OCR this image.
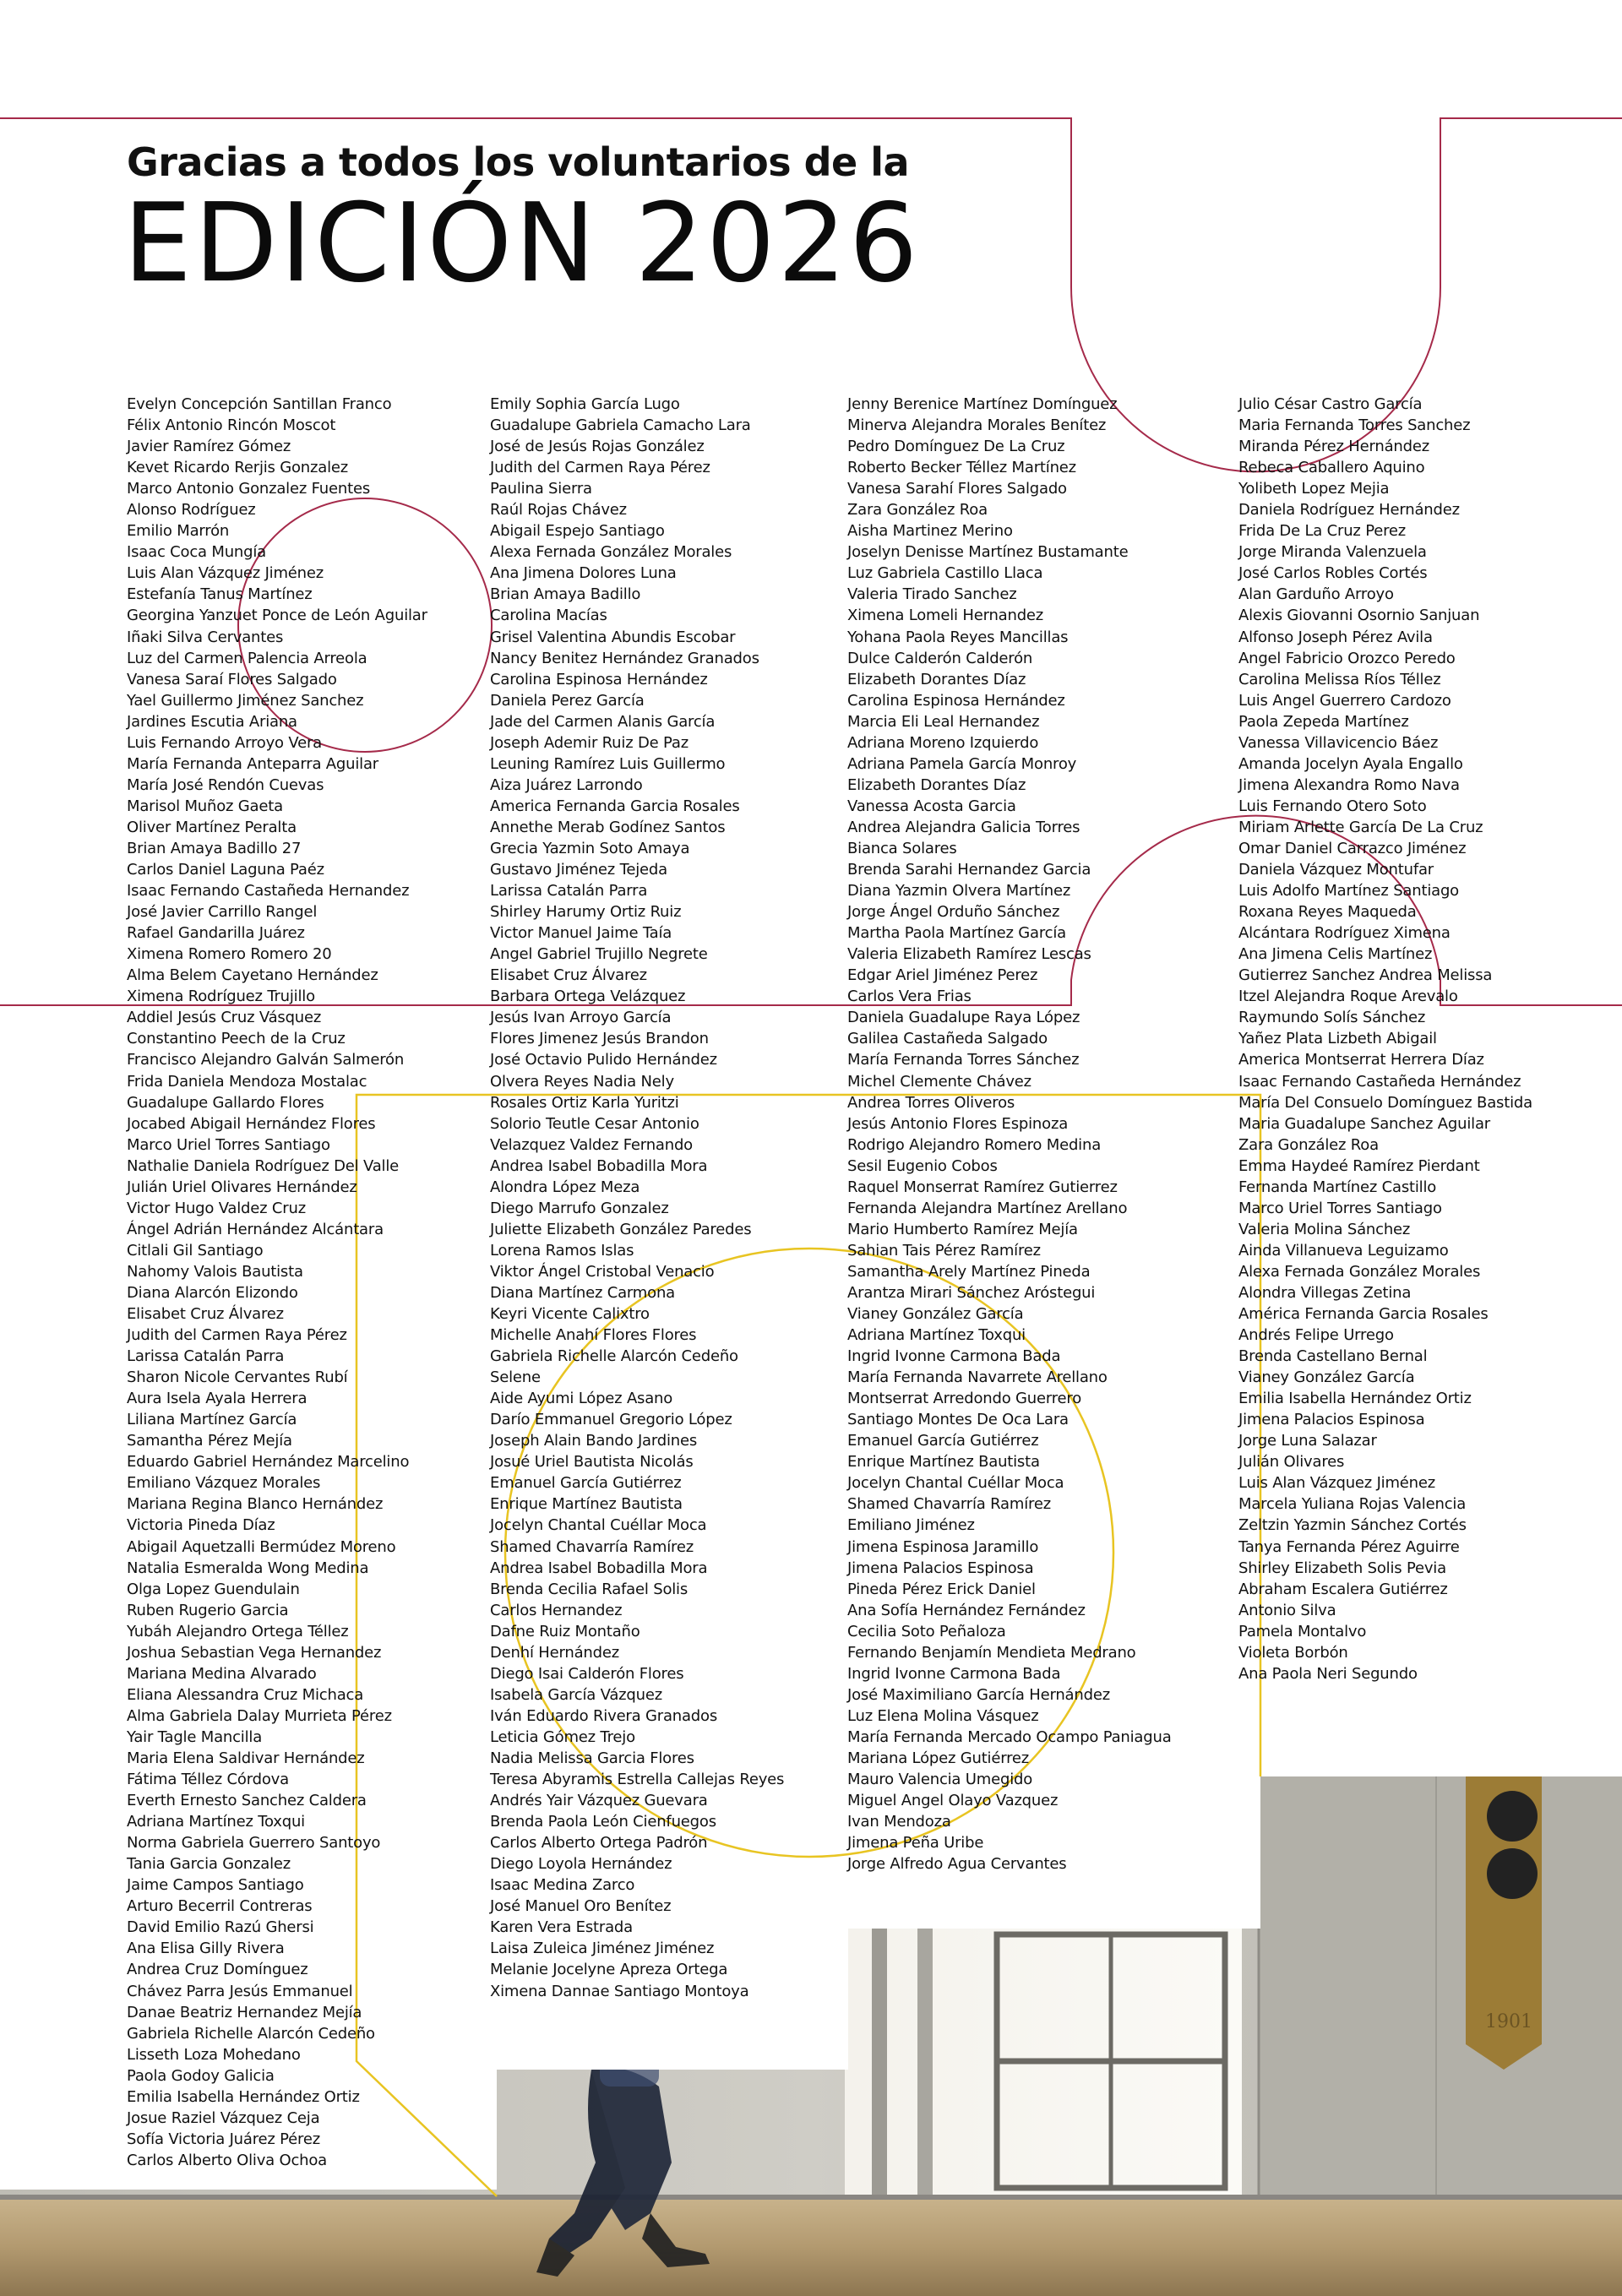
1901
Gracias a todos los voluntarios de la
EDICIÓN 2026
Evelyn Concepción Santillan Franco
Félix Antonio Rincón Moscot
Javier Ramírez Gómez
Kevet Ricardo Rerjis Gonzalez
Marco Antonio Gonzalez Fuentes
Alonso Rodríguez
Emilio Marrón
Isaac Coca Mungía
Luis Alan Vázquez Jiménez
Estefanía Tanus Martínez
Georgina Yanzuet Ponce de León Aguilar
Iñaki Silva Cervantes
Luz del Carmen Palencia Arreola
Vanesa Saraí Flores Salgado
Yael Guillermo Jiménez Sanchez
Jardines Escutia Ariana
Luis Fernando Arroyo Vera
María Fernanda Anteparra Aguilar
María José Rendón Cuevas
Marisol Muñoz Gaeta
Oliver Martínez Peralta
Brian Amaya Badillo 27
Carlos Daniel Laguna Paéz
Isaac Fernando Castañeda Hernandez
José Javier Carrillo Rangel
Rafael Gandarilla Juárez
Ximena Romero Romero 20
Alma Belem Cayetano Hernández
Ximena Rodríguez Trujillo
Addiel Jesús Cruz Vásquez
Constantino Peech de la Cruz
Francisco Alejandro Galván Salmerón
Frida Daniela Mendoza Mostalac
Guadalupe Gallardo Flores
Jocabed Abigail Hernández Flores
Marco Uriel Torres Santiago
Nathalie Daniela Rodríguez Del Valle
Julián Uriel Olivares Hernández
Victor Hugo Valdez Cruz
Ángel Adrián Hernández Alcántara
Citlali Gil Santiago
Nahomy Valois Bautista
Diana Alarcón Elizondo
Elisabet Cruz Álvarez
Judith del Carmen Raya Pérez
Larissa Catalán Parra
Sharon Nicole Cervantes Rubí
Aura Isela Ayala Herrera
Liliana Martínez García
Samantha Pérez Mejía
Eduardo Gabriel Hernández Marcelino
Emiliano Vázquez Morales
Mariana Regina Blanco Hernández
Victoria Pineda Díaz
Abigail Aquetzalli Bermúdez Moreno
Natalia Esmeralda Wong Medina
Olga Lopez Guendulain
Ruben Rugerio Garcia
Yubáh Alejandro Ortega Téllez
Joshua Sebastian Vega Hernandez
Mariana Medina Alvarado
Eliana Alessandra Cruz Michaca
Alma Gabriela Dalay Murrieta Pérez
Yair Tagle Mancilla
Maria Elena Saldivar Hernández
Fátima Téllez Córdova
Everth Ernesto Sanchez Caldera
Adriana Martínez Toxqui
Norma Gabriela Guerrero Santoyo
Tania Garcia Gonzalez
Jaime Campos Santiago
Arturo Becerril Contreras
David Emilio Razú Ghersi
Ana Elisa Gilly Rivera
Andrea Cruz Domínguez
Chávez Parra Jesús Emmanuel
Danae Beatriz Hernandez Mejía
Gabriela Richelle Alarcón Cedeño
Lisseth Loza Mohedano
Paola Godoy Galicia
Emilia Isabella Hernández Ortiz
Josue Raziel Vázquez Ceja
Sofía Victoria Juárez Pérez
Carlos Alberto Oliva Ochoa
Emily Sophia García Lugo
Guadalupe Gabriela Camacho Lara
José de Jesús Rojas González
Judith del Carmen Raya Pérez
Paulina Sierra
Raúl Rojas Chávez
Abigail Espejo Santiago
Alexa Fernada González Morales
Ana Jimena Dolores Luna
Brian Amaya Badillo
Carolina Macías
Grisel Valentina Abundis Escobar
Nancy Benitez Hernández Granados
Carolina Espinosa Hernández
Daniela Perez García
Jade del Carmen Alanis García
Joseph Ademir Ruiz De Paz
Leuning Ramírez Luis Guillermo
Aiza Juárez Larrondo
America Fernanda Garcia Rosales
Annethe Merab Godínez Santos
Grecia Yazmin Soto Amaya
Gustavo Jiménez Tejeda
Larissa Catalán Parra
Shirley Harumy Ortiz Ruiz
Victor Manuel Jaime Taía
Angel Gabriel Trujillo Negrete
Elisabet Cruz Álvarez
Barbara Ortega Velázquez
Jesús Ivan Arroyo García
Flores Jimenez Jesús Brandon
José Octavio Pulido Hernández
Olvera Reyes Nadia Nely
Rosales Ortiz Karla Yuritzi
Solorio Teutle Cesar Antonio
Velazquez Valdez Fernando
Andrea Isabel Bobadilla Mora
Alondra López Meza
Diego Marrufo Gonzalez
Juliette Elizabeth González Paredes
Lorena Ramos Islas
Viktor Ángel Cristobal Venacio
Diana Martínez Carmona
Keyri Vicente Calixtro
Michelle Anahí Flores Flores
Gabriela Richelle Alarcón Cedeño
Selene
Aide Ayumi López Asano
Darío Emmanuel Gregorio López
Joseph Alain Bando Jardines
Josué Uriel Bautista Nicolás
Emanuel García Gutiérrez
Enrique Martínez Bautista
Jocelyn Chantal Cuéllar Moca
Shamed Chavarría Ramírez
Andrea Isabel Bobadilla Mora
Brenda Cecilia Rafael Solis
Carlos Hernandez
Dafne Ruiz Montaño
Denhí Hernández
Diego Isai Calderón Flores
Isabela García Vázquez
Iván Eduardo Rivera Granados
Leticia Gómez Trejo
Nadia Melissa Garcia Flores
Teresa Abyramis Estrella Callejas Reyes
Andrés Yair Vázquez Guevara
Brenda Paola León Cienfuegos
Carlos Alberto Ortega Padrón
Diego Loyola Hernández
Isaac Medina Zarco
José Manuel Oro Benítez
Karen Vera Estrada
Laisa Zuleica Jiménez Jiménez
Melanie Jocelyne Apreza Ortega
Ximena Dannae Santiago Montoya
Jenny Berenice Martínez Domínguez
Minerva Alejandra Morales Benítez
Pedro Domínguez De La Cruz
Roberto Becker Téllez Martínez
Vanesa Sarahí Flores Salgado
Zara González Roa
Aisha Martinez Merino
Joselyn Denisse Martínez Bustamante
Luz Gabriela Castillo Llaca
Valeria Tirado Sanchez
Ximena Lomeli Hernandez
Yohana Paola Reyes Mancillas
Dulce Calderón Calderón
Elizabeth Dorantes Díaz
Carolina Espinosa Hernández
Marcia Eli Leal Hernandez
Adriana Moreno Izquierdo
Adriana Pamela García Monroy
Elizabeth Dorantes Díaz
Vanessa Acosta Garcia
Andrea Alejandra Galicia Torres
Bianca Solares
Brenda Sarahi Hernandez Garcia
Diana Yazmin Olvera Martínez
Jorge Ángel Orduño Sánchez
Martha Paola Martínez García
Valeria Elizabeth Ramírez Lescas
Edgar Ariel Jiménez Perez
Carlos Vera Frias
Daniela Guadalupe Raya López
Galilea Castañeda Salgado
María Fernanda Torres Sánchez
Michel Clemente Chávez
Andrea Torres Oliveros
Jesús Antonio Flores Espinoza
Rodrigo Alejandro Romero Medina
Sesil Eugenio Cobos
Raquel Monserrat Ramírez Gutierrez
Fernanda Alejandra Martínez Arellano
Mario Humberto Ramírez Mejía
Sahian Tais Pérez Ramírez
Samantha Arely Martínez Pineda
Arantza Mirari Sánchez Aróstegui
Vianey González García
Adriana Martínez Toxqui
Ingrid Ivonne Carmona Bada
María Fernanda Navarrete Arellano
Montserrat Arredondo Guerrero
Santiago Montes De Oca Lara
Emanuel García Gutiérrez
Enrique Martínez Bautista
Jocelyn Chantal Cuéllar Moca
Shamed Chavarría Ramírez
Emiliano Jiménez
Jimena Espinosa Jaramillo
Jimena Palacios Espinosa
Pineda Pérez Erick Daniel
Ana Sofía Hernández Fernández
Cecilia Soto Peñaloza
Fernando Benjamín Mendieta Medrano
Ingrid Ivonne Carmona Bada
José Maximiliano García Hernández
Luz Elena Molina Vásquez
María Fernanda Mercado Ocampo Paniagua
Mariana López Gutiérrez
Mauro Valencia Umegido
Miguel Angel Olayo Vazquez
Ivan Mendoza
Jimena Peña Uribe
Jorge Alfredo Agua Cervantes
Julio César Castro García
Maria Fernanda Torres Sanchez
Miranda Pérez Hernández
Rebeca Caballero Aquino
Yolibeth Lopez Mejia
Daniela Rodríguez Hernández
Frida De La Cruz Perez
Jorge Miranda Valenzuela
José Carlos Robles Cortés
Alan Garduño Arroyo
Alexis Giovanni Osornio Sanjuan
Alfonso Joseph Pérez Avila
Angel Fabricio Orozco Peredo
Carolina Melissa Ríos Téllez
Luis Angel Guerrero Cardozo
Paola Zepeda Martínez
Vanessa Villavicencio Báez
Amanda Jocelyn Ayala Engallo
Jimena Alexandra Romo Nava
Luis Fernando Otero Soto
Miriam Arlette García De La Cruz
Omar Daniel Carrazco Jiménez
Daniela Vázquez Montufar
Luis Adolfo Martínez Santiago
Roxana Reyes Maqueda
Alcántara Rodríguez Ximena
Ana Jimena Celis Martínez
Gutierrez Sanchez Andrea Melissa
Itzel Alejandra Roque Arevalo
Raymundo Solís Sánchez
Yañez Plata Lizbeth Abigail
America Montserrat Herrera Díaz
Isaac Fernando Castañeda Hernández
María Del Consuelo Domínguez Bastida
Maria Guadalupe Sanchez Aguilar
Zara González Roa
Emma Haydeé Ramírez Pierdant
Fernanda Martínez Castillo
Marco Uriel Torres Santiago
Valeria Molina Sánchez
Ainda Villanueva Leguizamo
Alexa Fernada González Morales
Alondra Villegas Zetina
América Fernanda Garcia Rosales
Andrés Felipe Urrego
Brenda Castellano Bernal
Vianey González García
Emilia Isabella Hernández Ortiz
Jimena Palacios Espinosa
Jorge Luna Salazar
Julián Olivares
Luis Alan Vázquez Jiménez
Marcela Yuliana Rojas Valencia
Zeltzin Yazmin Sánchez Cortés
Tanya Fernanda Pérez Aguirre
Shirley Elizabeth Solis Pevia
Abraham Escalera Gutiérrez
Antonio Silva
Pamela Montalvo
Violeta Borbón
Ana Paola Neri Segundo
